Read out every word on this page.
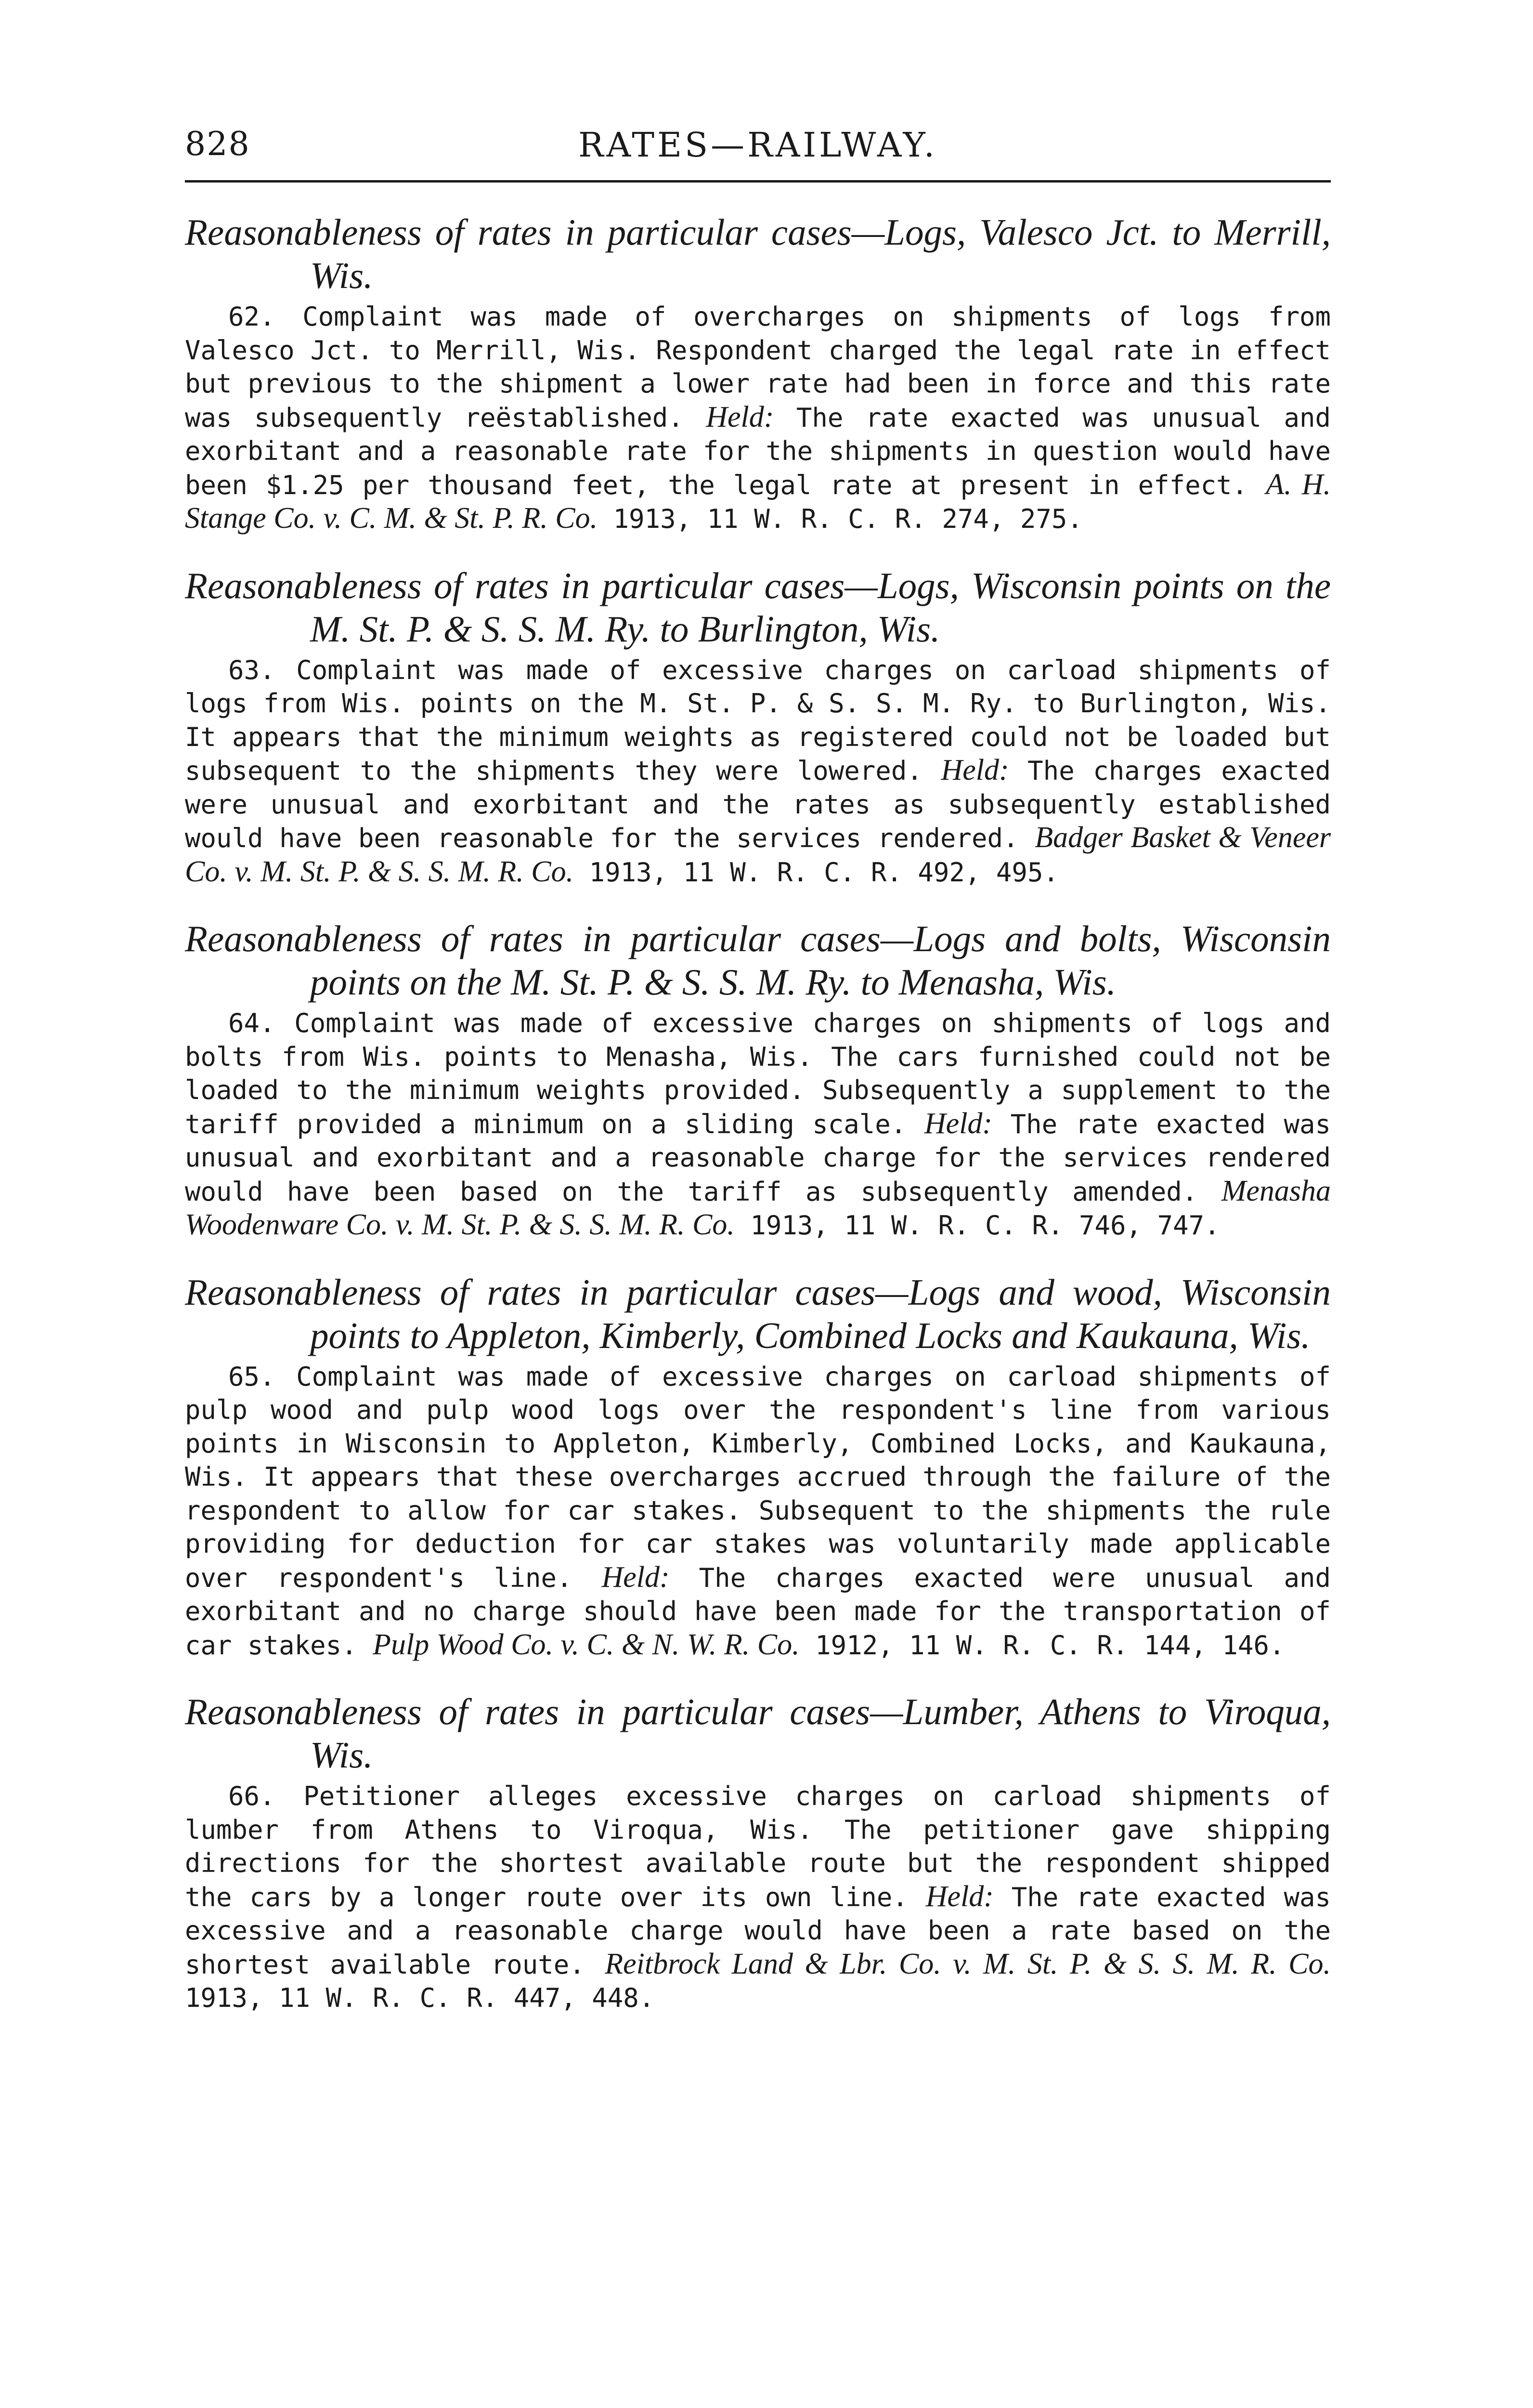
828	RATES—RAILWAY.

Reasonableness of rates in particular cases—Logs, Valesco Jct. to Merrill, Wis.

62. Complaint was made of overcharges on shipments of logs from Valesco Jct. to Merrill, Wis. Respondent charged the legal rate in effect but previous to the shipment a lower rate had been in force and this rate was subsequently reëstablished. Held: The rate exacted was unusual and exorbitant and a reasonable rate for the shipments in question would have been $1.25 per thousand feet, the legal rate at present in effect. A. H. Stange Co. v. C. M. & St. P. R. Co. 1913, 11 W. R. C. R. 274, 275.

Reasonableness of rates in particular cases—Logs, Wisconsin points on the M. St. P. & S. S. M. Ry. to Burlington, Wis.

63. Complaint was made of excessive charges on carload shipments of logs from Wis. points on the M. St. P. & S. S. M. Ry. to Burlington, Wis. It appears that the minimum weights as registered could not be loaded but subsequent to the shipments they were lowered. Held: The charges exacted were unusual and exorbitant and the rates as subsequently established would have been reasonable for the services rendered. Badger Basket & Veneer Co. v. M. St. P. & S. S. M. R. Co. 1913, 11 W. R. C. R. 492, 495.

Reasonableness of rates in particular cases—Logs and bolts, Wisconsin points on the M. St. P. & S. S. M. Ry. to Menasha, Wis.

64. Complaint was made of excessive charges on shipments of logs and bolts from Wis. points to Menasha, Wis. The cars furnished could not be loaded to the minimum weights provided. Subsequently a supplement to the tariff provided a minimum on a sliding scale. Held: The rate exacted was unusual and exorbitant and a reasonable charge for the services rendered would have been based on the tariff as subsequently amended. Menasha Woodenware Co. v. M. St. P. & S. S. M. R. Co. 1913, 11 W. R. C. R. 746, 747.

Reasonableness of rates in particular cases—Logs and wood, Wisconsin points to Appleton, Kimberly, Combined Locks and Kaukauna, Wis.

65. Complaint was made of excessive charges on carload shipments of pulp wood and pulp wood logs over the respondent's line from various points in Wisconsin to Appleton, Kimberly, Combined Locks, and Kaukauna, Wis. It appears that these overcharges accrued through the failure of the respondent to allow for car stakes. Subsequent to the shipments the rule providing for deduction for car stakes was voluntarily made applicable over respondent's line. Held: The charges exacted were unusual and exorbitant and no charge should have been made for the transportation of car stakes. Pulp Wood Co. v. C. & N. W. R. Co. 1912, 11 W. R. C. R. 144, 146.

Reasonableness of rates in particular cases—Lumber, Athens to Viroqua, Wis.

66. Petitioner alleges excessive charges on carload shipments of lumber from Athens to Viroqua, Wis. The petitioner gave shipping directions for the shortest available route but the respondent shipped the cars by a longer route over its own line. Held: The rate exacted was excessive and a reasonable charge would have been a rate based on the shortest available route. Reitbrock Land & Lbr. Co. v. M. St. P. & S. S. M. R. Co. 1913, 11 W. R. C. R. 447, 448.
